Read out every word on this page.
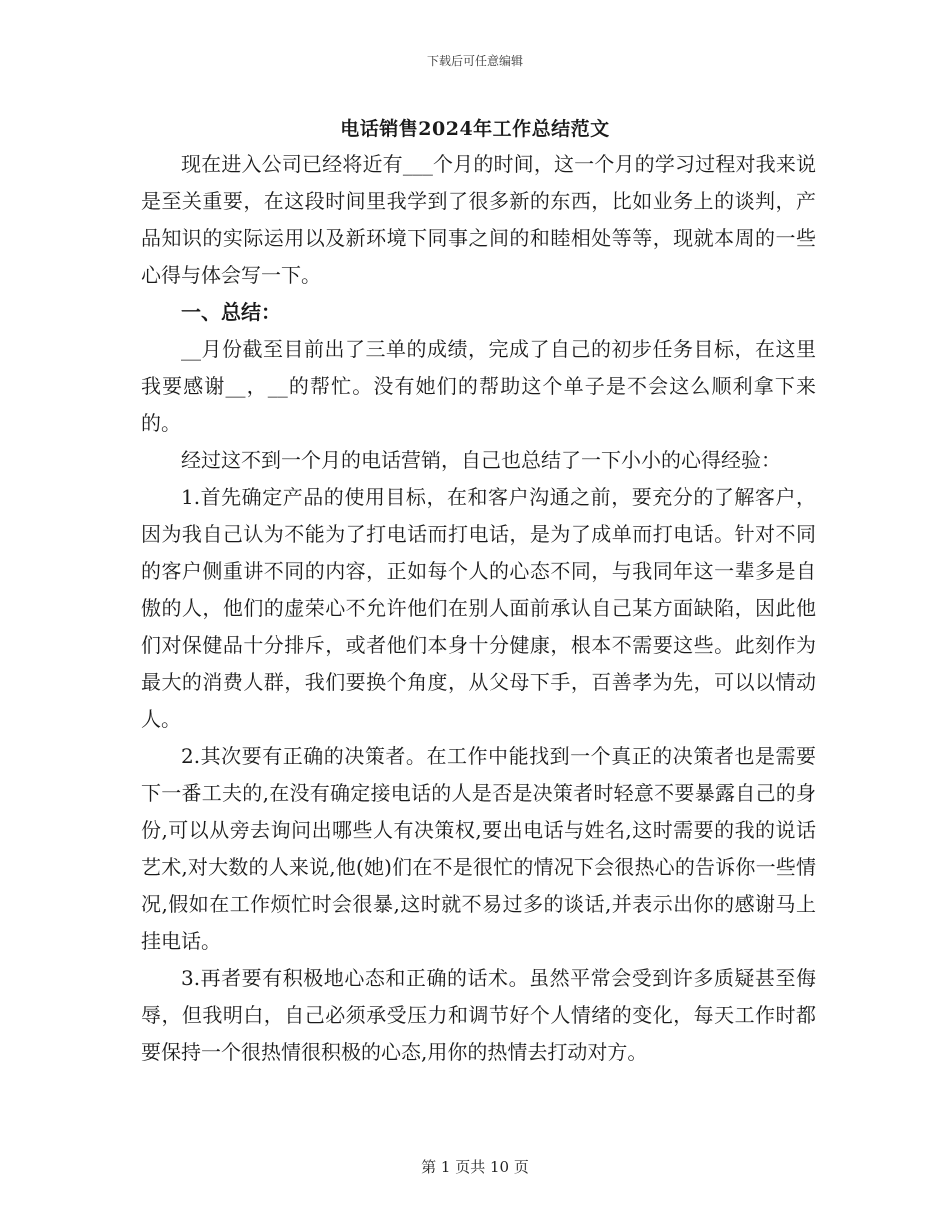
下载后可任意编辑
电话销售2024年工作总结范文

现在进入公司已经将近有___个月的时间，这一个月的学习过程对我来说是至关重要，在这段时间里我学到了很多新的东西，比如业务上的谈判，产品知识的实际运用以及新环境下同事之间的和睦相处等等，现就本周的一些心得与体会写一下。

一、总结：

__月份截至目前出了三单的成绩，完成了自己的初步任务目标，在这里我要感谢__，__的帮忙。没有她们的帮助这个单子是不会这么顺利拿下来的。

经过这不到一个月的电话营销，自己也总结了一下小小的心得经验：

1.首先确定产品的使用目标，在和客户沟通之前，要充分的了解客户，因为我自己认为不能为了打电话而打电话，是为了成单而打电话。针对不同的客户侧重讲不同的内容，正如每个人的心态不同，与我同年这一辈多是自傲的人，他们的虚荣心不允许他们在别人面前承认自己某方面缺陷，因此他们对保健品十分排斥，或者他们本身十分健康，根本不需要这些。此刻作为最大的消费人群，我们要换个角度，从父母下手，百善孝为先，可以以情动人。

2.其次要有正确的决策者。在工作中能找到一个真正的决策者也是需要下一番工夫的,在没有确定接电话的人是否是决策者时轻意不要暴露自己的身份,可以从旁去询问出哪些人有决策权,要出电话与姓名,这时需要的我的说话艺术,对大数的人来说,他(她)们在不是很忙的情况下会很热心的告诉你一些情况,假如在工作烦忙时会很暴,这时就不易过多的谈话,并表示出你的感谢马上挂电话。

3.再者要有积极地心态和正确的话术。虽然平常会受到许多质疑甚至侮辱，但我明白，自己必须承受压力和调节好个人情绪的变化，每天工作时都要保持一个很热情很积极的心态,用你的热情去打动对方。

第 1 页共 10 页
